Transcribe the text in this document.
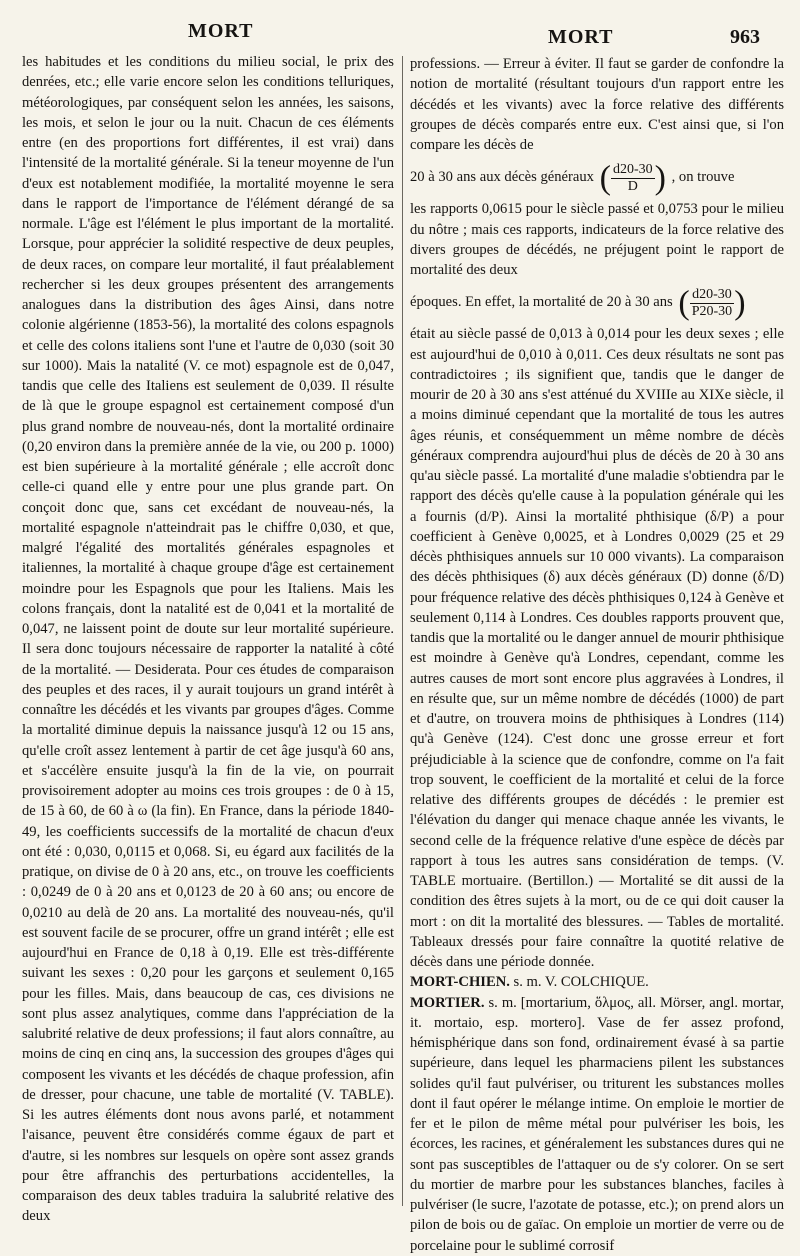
MORT	MORT	963

les habitudes et les conditions du milieu social, le prix des denrées, etc.; elle varie encore selon les conditions telluriques, météorologiques, par conséquent selon les années, les saisons, les mois, et selon le jour ou la nuit. Chacun de ces éléments entre (en des proportions fort différentes, il est vrai) dans l'intensité de la mortalité générale. Si la teneur moyenne de l'un d'eux est notablement modifiée, la mortalité moyenne le sera dans le rapport de l'importance de l'élément dérangé de sa normale. L'âge est l'élément le plus important de la mortalité. Lorsque, pour apprécier la solidité respective de deux peuples, de deux races, on compare leur mortalité, il faut préalablement rechercher si les deux groupes présentent des arrangements analogues dans la distribution des âges Ainsi, dans notre colonie algérienne (1853-56), la mortalité des colons espagnols et celle des colons italiens sont l'une et l'autre de 0,030 (soit 30 sur 1000). Mais la natalité (V. ce mot) espagnole est de 0,047, tandis que celle des Italiens est seulement de 0,039. Il résulte de là que le groupe espagnol est certainement composé d'un plus grand nombre de nouveau-nés, dont la mortalité ordinaire (0,20 environ dans la première année de la vie, ou 200 p. 1000) est bien supérieure à la mortalité générale ; elle accroît donc celle-ci quand elle y entre pour une plus grande part. On conçoit donc que, sans cet excédant de nouveau-nés, la mortalité espagnole n'atteindrait pas le chiffre 0,030, et que, malgré l'égalité des mortalités générales espagnoles et italiennes, la mortalité à chaque groupe d'âge est certainement moindre pour les Espagnols que pour les Italiens. Mais les colons français, dont la natalité est de 0,041 et la mortalité de 0,047, ne laissent point de doute sur leur mortalité supérieure. Il sera donc toujours nécessaire de rapporter la natalité à côté de la mortalité. — Desiderata. Pour ces études de comparaison des peuples et des races, il y aurait toujours un grand intérêt à connaître les décédés et les vivants par groupes d'âges. Comme la mortalité diminue depuis la naissance jusqu'à 12 ou 15 ans, qu'elle croît assez lentement à partir de cet âge jusqu'à 60 ans, et s'accélère ensuite jusqu'à la fin de la vie, on pourrait provisoirement adopter au moins ces trois groupes : de 0 à 15, de 15 à 60, de 60 à ω (la fin). En France, dans la période 1840-49, les coefficients successifs de la mortalité de chacun d'eux ont été : 0,030, 0,0115 et 0,068. Si, eu égard aux facilités de la pratique, on divise de 0 à 20 ans, etc., on trouve les coefficients : 0,0249 de 0 à 20 ans et 0,0123 de 20 à 60 ans; ou encore de 0,0210 au delà de 20 ans. La mortalité des nouveau-nés, qu'il est souvent facile de se procurer, offre un grand intérêt ; elle est aujourd'hui en France de 0,18 à 0,19. Elle est très-différente suivant les sexes : 0,20 pour les garçons et seulement 0,165 pour les filles. Mais, dans beaucoup de cas, ces divisions ne sont plus assez analytiques, comme dans l'appréciation de la salubrité relative de deux professions; il faut alors connaître, au moins de cinq en cinq ans, la succession des groupes d'âges qui composent les vivants et les décédés de chaque profession, afin de dresser, pour chacune, une table de mortalité (V. TABLE). Si les autres éléments dont nous avons parlé, et notamment l'aisance, peuvent être considérés comme égaux de part et d'autre, si les nombres sur lesquels on opère sont assez grands pour être affranchis des perturbations accidentelles, la comparaison des deux tables traduira la salubrité relative des deux

professions. — Erreur à éviter. Il faut se garder de confondre la notion de mortalité (résultant toujours d'un rapport entre les décédés et les vivants) avec la force relative des différents groupes de décès comparés entre eux. C'est ainsi que, si l'on compare les décès de

20 à 30 ans aux décès généraux ( $\frac{d20-30}{D}$ ) , on trouve

les rapports 0,0615 pour le siècle passé et 0,0753 pour le milieu du nôtre ; mais ces rapports, indicateurs de la force relative des divers groupes de décédés, ne préjugent point le rapport de mortalité des deux

époques. En effet, la mortalité de 20 à 30 ans ( $\frac{d20-30}{P20-30}$ )

était au siècle passé de 0,013 à 0,014 pour les deux sexes ; elle est aujourd'hui de 0,010 à 0,011. Ces deux résultats ne sont pas contradictoires ; ils signifient que, tandis que le danger de mourir de 20 à 30 ans s'est atténué du XVIIIe au XIXe siècle, il a moins diminué cependant que la mortalité de tous les autres âges réunis, et conséquemment un même nombre de décès généraux comprendra aujourd'hui plus de décès de 20 à 30 ans qu'au siècle passé. La mortalité d'une maladie s'obtiendra par le rapport des décès qu'elle cause à la population générale qui les a fournis (d/P). Ainsi la mortalité phthisique (δ/P) a pour coefficient à Genève 0,0025, et à Londres 0,0029 (25 et 29 décès phthisiques annuels sur 10 000 vivants). La comparaison des décès phthisiques (δ) aux décès généraux (D) donne (δ/D) pour fréquence relative des décès phthisiques 0,124 à Genève et seulement 0,114 à Londres. Ces doubles rapports prouvent que, tandis que la mortalité ou le danger annuel de mourir phthisique est moindre à Genève qu'à Londres, cependant, comme les autres causes de mort sont encore plus aggravées à Londres, il en résulte que, sur un même nombre de décédés (1000) de part et d'autre, on trouvera moins de phthisiques à Londres (114) qu'à Genève (124). C'est donc une grosse erreur et fort préjudiciable à la science que de confondre, comme on l'a fait trop souvent, le coefficient de la mortalité et celui de la force relative des différents groupes de décédés : le premier est l'élévation du danger qui menace chaque année les vivants, le second celle de la fréquence relative d'une espèce de décès par rapport à tous les autres sans considération de temps. (V. TABLE mortuaire. (Bertillon.) — Mortalité se dit aussi de la condition des êtres sujets à la mort, ou de ce qui doit causer la mort : on dit la mortalité des blessures. — Tables de mortalité. Tableaux dressés pour faire connaître la quotité relative de décès dans une période donnée.

MORT-CHIEN. s. m. V. COLCHIQUE.

MORTIER. s. m. [mortarium, ὅλμος, all. Mörser, angl. mortar, it. mortaio, esp. mortero]. Vase de fer assez profond, hémisphérique dans son fond, ordinairement évasé à sa partie supérieure, dans lequel les pharmaciens pilent les substances solides qu'il faut pulvériser, ou triturent les substances molles dont il faut opérer le mélange intime. On emploie le mortier de fer et le pilon de même métal pour pulvériser les bois, les écorces, les racines, et généralement les substances dures qui ne sont pas susceptibles de l'attaquer ou de s'y colorer. On se sert du mortier de marbre pour les substances blanches, faciles à pulvériser (le sucre, l'azotate de potasse, etc.); on prend alors un pilon de bois ou de gaïac. On emploie un mortier de verre ou de porcelaine pour le sublimé corrosif
